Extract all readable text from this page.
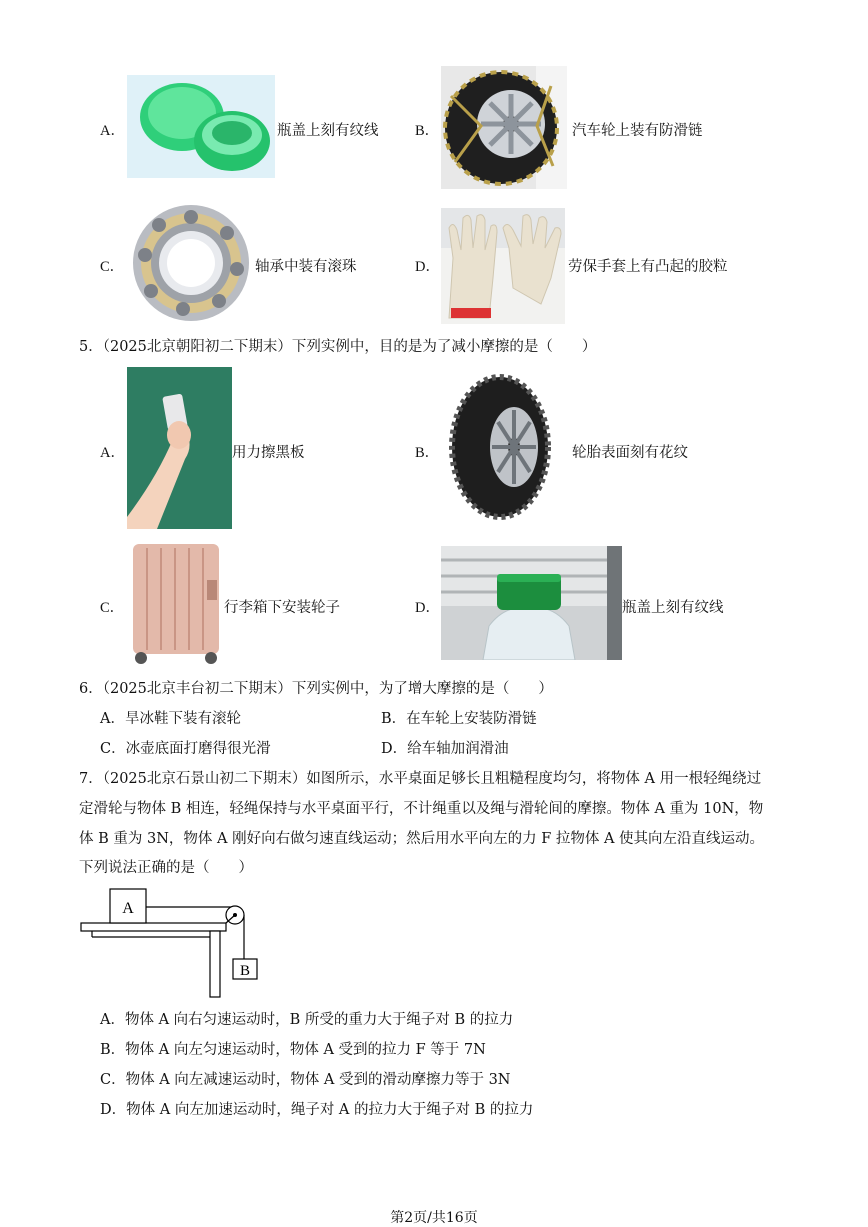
A．	瓶盖上刻有纹线	B．	汽车轮上装有防滑链
C．	轴承中装有滚珠	D．	劳保手套上有凸起的胶粒
5．（2025北京朝阳初二下期末）下列实例中，目的是为了减小摩擦的是（　　）
A．	用力擦黑板	B．	轮胎表面刻有花纹
C．	行李箱下安装轮子	D．	瓶盖上刻有纹线
6．（2025北京丰台初二下期末）下列实例中，为了增大摩擦的是（　　）
A．旱冰鞋下装有滚轮	B．在车轮上安装防滑链
C．冰壶底面打磨得很光滑	D．给车轴加润滑油
7．（2025北京石景山初二下期末）如图所示，水平桌面足够长且粗糙程度均匀，将物体 A 用一根轻绳绕过
定滑轮与物体 B 相连，轻绳保持与水平桌面平行，不计绳重以及绳与滑轮间的摩擦。物体 A 重为 10N，物
体 B 重为 3N，物体 A 刚好向右做匀速直线运动；然后用水平向左的力 F 拉物体 A 使其向左沿直线运动。
下列说法正确的是（　　）
A
B
A．物体 A 向右匀速运动时，B 所受的重力大于绳子对 B 的拉力
B．物体 A 向左匀速运动时，物体 A 受到的拉力 F 等于 7N
C．物体 A 向左减速运动时，物体 A 受到的滑动摩擦力等于 3N
D．物体 A 向左加速运动时，绳子对 A 的拉力大于绳子对 B 的拉力
第2页/共16页
